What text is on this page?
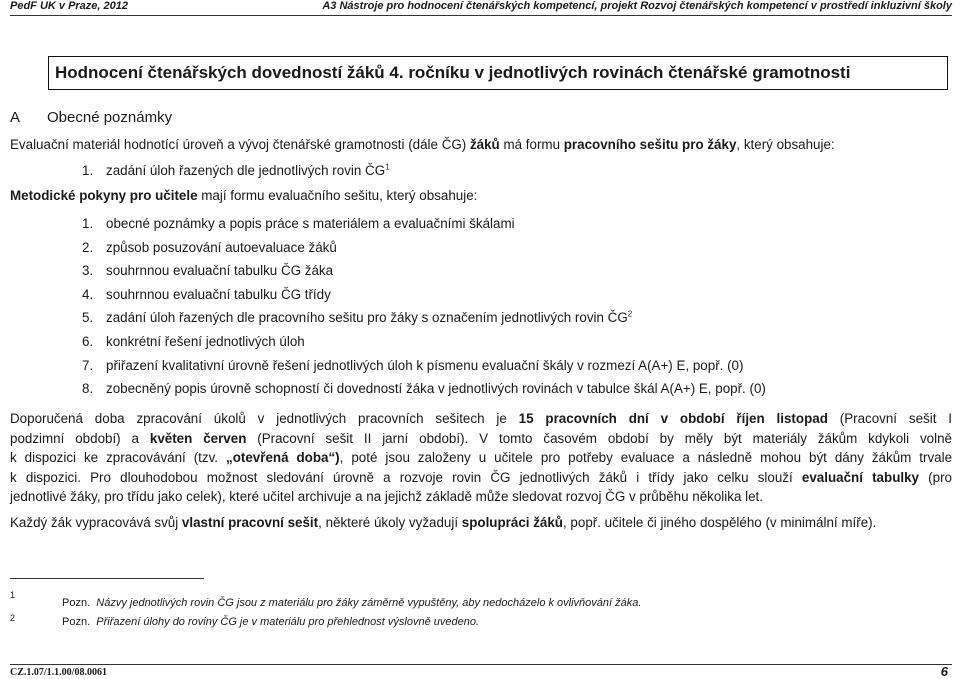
PedF UK v Praze, 2012	A3 Nástroje pro hodnocení čtenářských kompetencí, projekt Rozvoj čtenářských kompetencí v prostředí inkluzivní školy
Hodnocení čtenářských dovedností žáků 4. ročníku v jednotlivých rovinách čtenářské gramotnosti
A Obecné poznámky
Evaluační materiál hodnotící úroveň a vývoj čtenářské gramotnosti (dále ČG) žáků má formu pracovního sešitu pro žáky, který obsahuje:
1. zadání úloh řazených dle jednotlivých rovin $ČG^1$
Metodické pokyny pro učitele mají formu evaluačního sešitu, který obsahuje:
1. obecné poznámky a popis práce s materiálem a evaluačními škálami
2. způsob posuzování autoevaluace žáků
3. souhrnnou evaluační tabulku ČG žáka
4. souhrnnou evaluační tabulku ČG třídy
5. zadání úloh řazených dle pracovního sešitu pro žáky s označením jednotlivých rovin $ČG^2$
6. konkrétní řešení jednotlivých úloh
7. přiřazení kvalitativní úrovně řešení jednotlivých úloh k písmenu evaluační škály v rozmezí A(A+) E, popř. (0)
8. zobecněný popis úrovně schopností či dovedností žáka v jednotlivých rovinách v tabulce škál A(A+) E, popř. (0)
Doporučená doba zpracování úkolů v jednotlivých pracovních sešitech je 15 pracovních dní v období říjen listopad (Pracovní sešit I
podzimní období) a květen červen (Pracovní sešit II jarní období). V tomto časovém období by měly být materiály žákům kdykoli volně
k dispozici ke zpracovávání (tzv. „otevřená doba“), poté jsou založeny u učitele pro potřeby evaluace a následně mohou být dány žákům trvale
k dispozici. Pro dlouhodobou možnost sledování úrovně a rozvoje rovin ČG jednotlivých žáků i třídy jako celku slouží evaluační tabulky (pro
jednotlivé žáky, pro třídu jako celek), které učitel archivuje a na jejichž základě může sledovat rozvoj ČG v průběhu několika let.
Každý žák vypracovává svůj vlastní pracovní sešit, některé úkoly vyžadují spolupráci žáků, popř. učitele či jiného dospělého (v minimální míře).
1
Pozn. Názvy jednotlivých rovin ČG jsou z materiálu pro žáky záměrně vypuštěny, aby nedocházelo k ovlivňování žáka.
2	Pozn. Přiřazení úlohy do roviny ČG je v materiálu pro přehlednost výslovně uvedeno.
CZ.1.07/1.1.00/08.0061	6
